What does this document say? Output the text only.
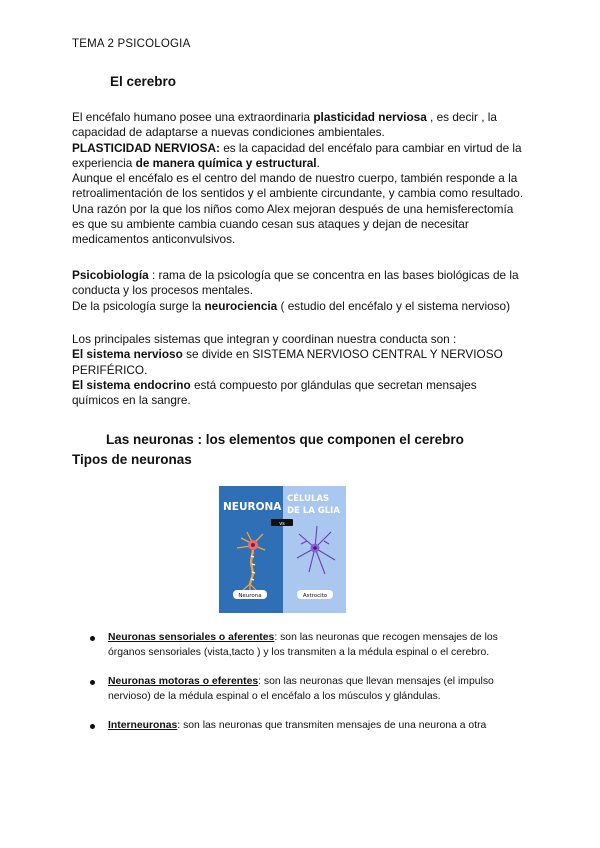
TEMA 2 PSICOLOGIA
El cerebro

El encéfalo humano posee una extraordinaria plasticidad nerviosa , es decir , la capacidad de adaptarse a nuevas condiciones ambientales.

PLASTICIDAD NERVIOSA: es la capacidad del encéfalo para cambiar en virtud de la experiencia de manera química y estructural.

Aunque el encéfalo es el centro del mando de nuestro cuerpo, también responde a la retroalimentación de los sentidos y el ambiente circundante, y cambia como resultado. Una razón por la que los niños como Alex mejoran después de una hemisferectomía es que su ambiente cambia cuando cesan sus ataques y dejan de necesitar medicamentos anticonvulsivos.

Psicobiología : rama de la psicología que se concentra en las bases biológicas de la conducta y los procesos mentales.

De la psicología surge la neurociencia ( estudio del encéfalo y el sistema nervioso)

Los principales sistemas que integran y coordinan nuestra conducta son :

El sistema nervioso se divide en SISTEMA NERVIOSO CENTRAL Y NERVIOSO PERIFÉRICO.

El sistema endocrino está compuesto por glándulas que secretan mensajes químicos en la sangre.

Las neuronas : los elementos que componen el cerebro
Tipos de neuronas
NEURONA
CÉLULAS
DE LA GLIA
vs
Neurona	Astrocito
Neuronas sensoriales o aferentes: son las neuronas que recogen mensajes de los órganos sensoriales (vista,tacto ) y los transmiten a la médula espinal o el cerebro.
Neuronas motoras o eferentes: son las neuronas que llevan mensajes (el impulso nervioso) de la médula espinal o el encéfalo a los músculos y glándulas.
Interneuronas: son las neuronas que transmiten mensajes de una neurona a otra
